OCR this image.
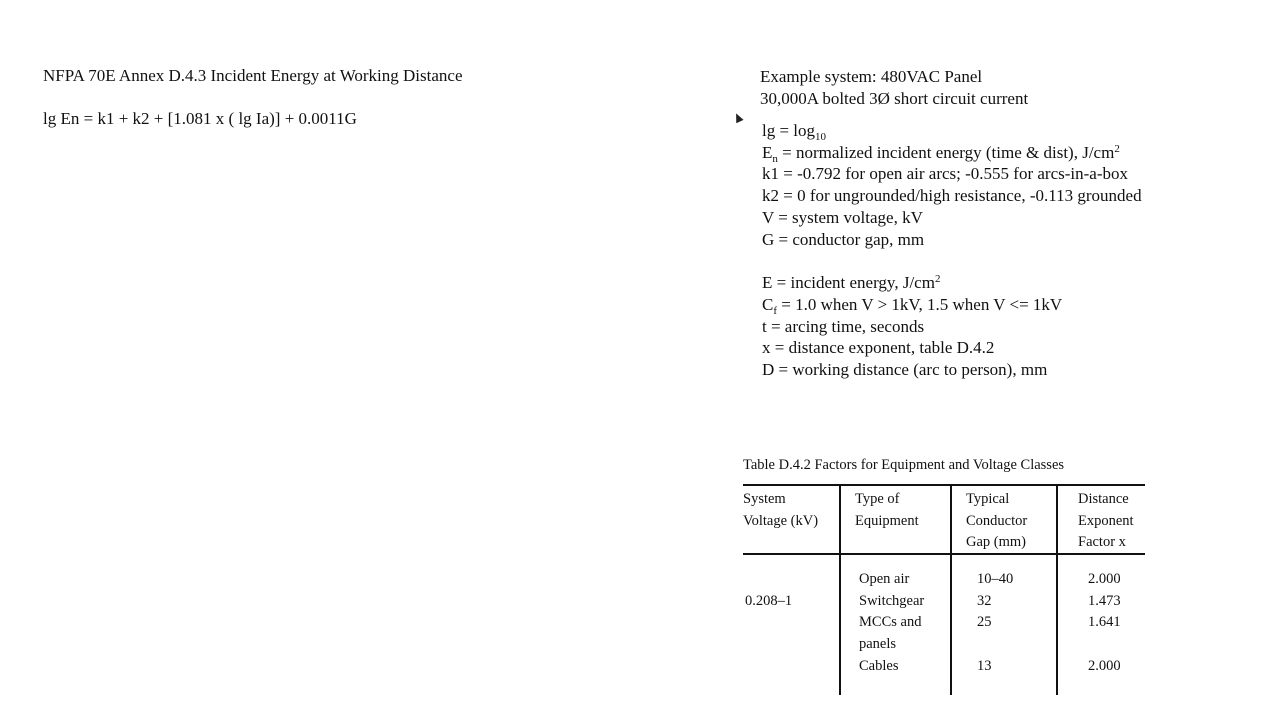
NFPA 70E Annex D.4.3 Incident Energy at Working Distance
lg En = k1 + k2 + [1.081 x ( lg Ia)] + 0.0011G
Example system: 480VAC Panel
30,000A bolted 3Ø short circuit current
$\lg = \log_{10}$
$E_n$ = normalized incident energy (time & dist), $J/cm^2$
k1 = -0.792 for open air arcs; -0.555 for arcs-in-a-box
k2 = 0 for ungrounded/high resistance, -0.113 grounded
V = system voltage, kV
G = conductor gap, mm
E = incident energy, $J/cm^2$
$C_f = 1.0$ when V > 1kV, 1.5 when V <= 1kV
t = arcing time, seconds
x = distance exponent, table D.4.2
D = working distance (arc to person), mm
Table D.4.2 Factors for Equipment and Voltage Classes
System
Voltage (kV)
Type of
Equipment
Typical
Conductor
Gap (mm)
Distance
Exponent
Factor x
0.208–1
Open air
Switchgear
MCCs and
panels
Cables
10–40
32
25

13
2.000
1.473
1.641

2.000
